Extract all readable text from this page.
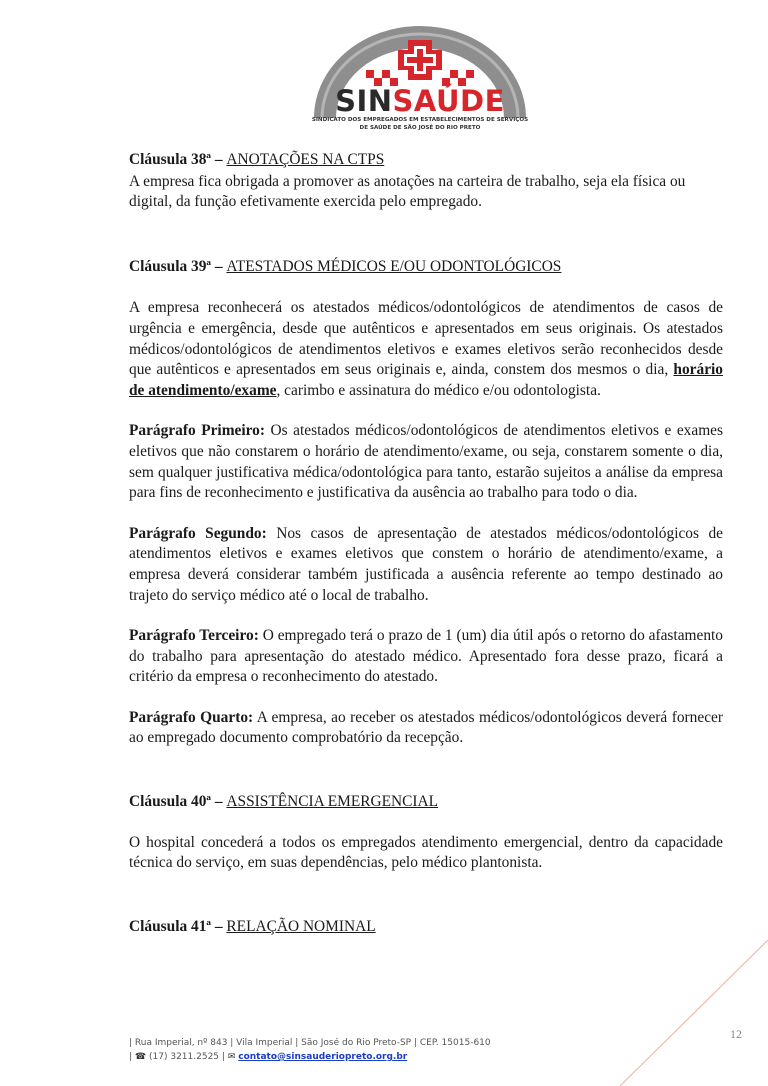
SINSAÚDE
SINDICATO DOS EMPREGADOS EM ESTABELECIMENTOS DE SERVIÇOS
DE SAÚDE DE SÃO JOSÉ DO RIO PRETO

Cláusula 38ª – ANOTAÇÕES NA CTPS

A empresa fica obrigada a promover as anotações na carteira de trabalho, seja ela física ou digital, da função efetivamente exercida pelo empregado.

Cláusula 39ª – ATESTADOS MÉDICOS E/OU ODONTOLÓGICOS

A empresa reconhecerá os atestados médicos/odontológicos de atendimentos de casos de urgência e emergência, desde que autênticos e apresentados em seus originais. Os atestados médicos/odontológicos de atendimentos eletivos e exames eletivos serão reconhecidos desde que autênticos e apresentados em seus originais e, ainda, constem dos mesmos o dia, horário de atendimento/exame, carimbo e assinatura do médico e/ou odontologista.

Parágrafo Primeiro: Os atestados médicos/odontológicos de atendimentos eletivos e exames eletivos que não constarem o horário de atendimento/exame, ou seja, constarem somente o dia, sem qualquer justificativa médica/odontológica para tanto, estarão sujeitos a análise da empresa para fins de reconhecimento e justificativa da ausência ao trabalho para todo o dia.

Parágrafo Segundo: Nos casos de apresentação de atestados médicos/odontológicos de atendimentos eletivos e exames eletivos que constem o horário de atendimento/exame, a empresa deverá considerar também justificada a ausência referente ao tempo destinado ao trajeto do serviço médico até o local de trabalho.

Parágrafo Terceiro: O empregado terá o prazo de 1 (um) dia útil após o retorno do afastamento do trabalho para apresentação do atestado médico. Apresentado fora desse prazo, ficará a critério da empresa o reconhecimento do atestado.

Parágrafo Quarto: A empresa, ao receber os atestados médicos/odontológicos deverá fornecer ao empregado documento comprobatório da recepção.

Cláusula 40ª – ASSISTÊNCIA EMERGENCIAL

O hospital concederá a todos os empregados atendimento emergencial, dentro da capacidade técnica do serviço, em suas dependências, pelo médico plantonista.

Cláusula 41ª – RELAÇÃO NOMINAL

12
| Rua Imperial, nº 843 | Vila Imperial | São José do Rio Preto-SP | CEP. 15015-610
| ☎ (17) 3211.2525 | ✉ contato@sinsauderiopreto.org.br
